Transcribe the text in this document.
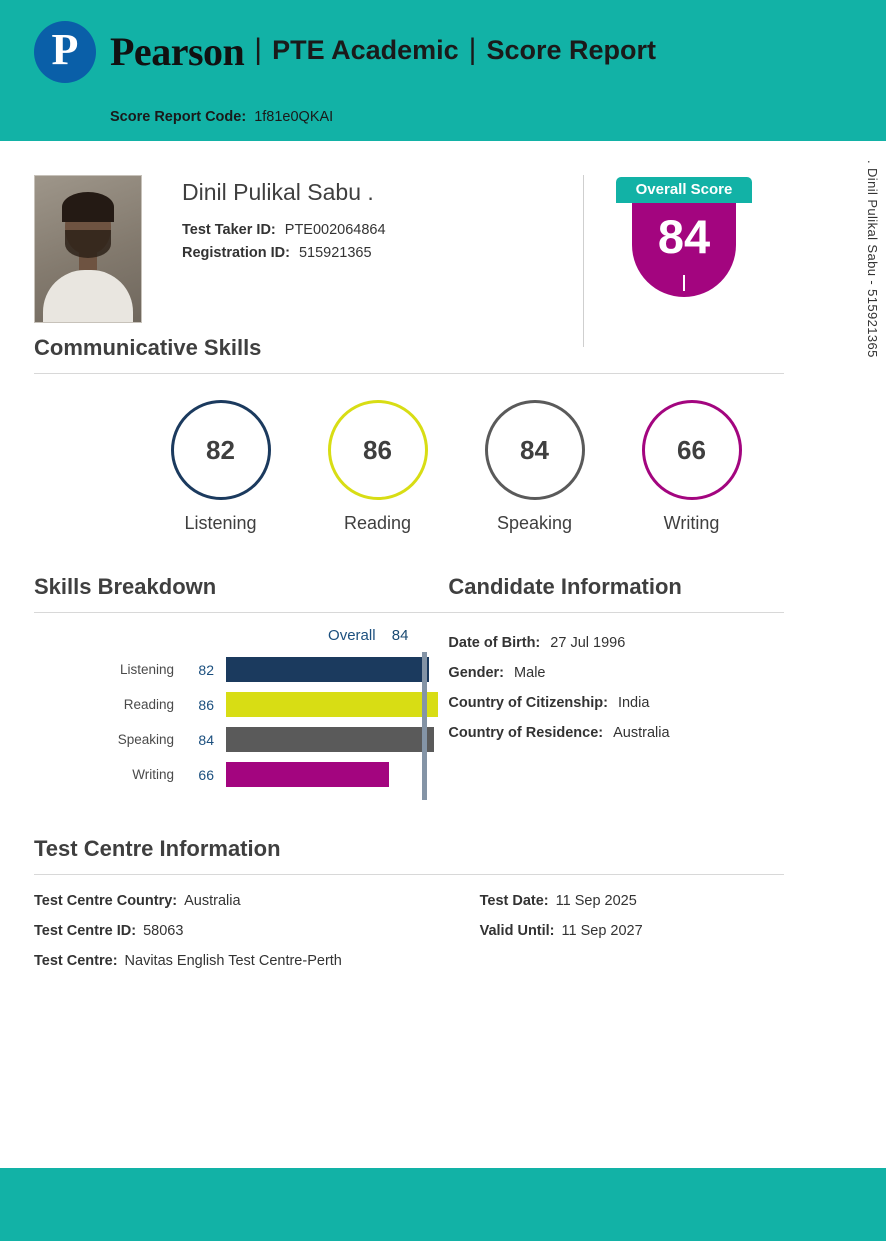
P Pearson | PTE Academic | Score Report
Score Report Code: 1f81e0QKAI
. Dinil Pulikal Sabu - 515921365
Dinil Pulikal Sabu .
Test Taker ID: PTE002064864
Registration ID: 515921365
Overall Score
84
Communicative Skills
82
Listening
86
Reading
84
Speaking
66
Writing
Skills Breakdown
Overall 84
Listening	82
Reading	86
Speaking	84
Writing	66
Candidate Information
Date of Birth: 27 Jul 1996
Gender: Male
Country of Citizenship: India
Country of Residence: Australia
Test Centre Information
Test Centre Country: Australia
Test Centre ID: 58063
Test Centre: Navitas English Test Centre-Perth
Test Date: 11 Sep 2025
Valid Until: 11 Sep 2027
